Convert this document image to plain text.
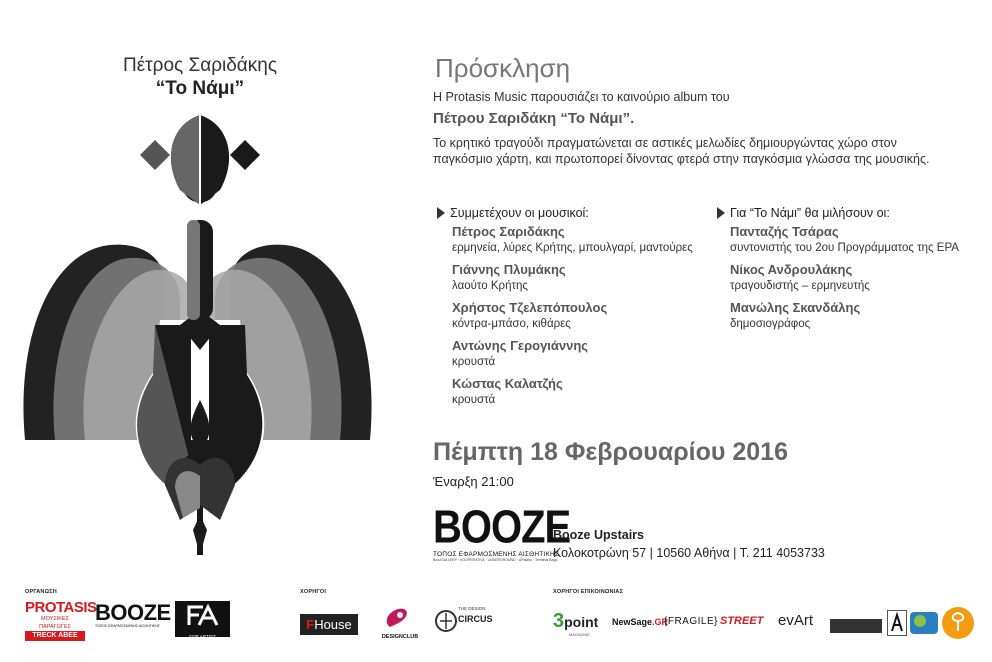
Πέτρος Σαριδάκης
“Το Νάμι”
Πρόσκληση
Η Protasis Music παρουσιάζει το καινούριο album του
Πέτρου Σαριδάκη “Το Νάμι”.
Το κρητικό τραγούδι πραγματώνεται σε αστικές μελωδίες δημιουργώντας χώρο στον
παγκόσμιο χάρτη, και πρωτοπορεί δίνοντας φτερά στην παγκόσμια γλώσσα της μουσικής.
Συμμετέχουν οι μουσικοί:	Για “Το Νάμι” θα μιλήσουν οι:
Πέτρος Σαριδάκης
ερμηνεία, λύρες Κρήτης, μπουλγαρί, μαντούρες
Γιάννης Πλυμάκης
λαούτο Κρήτης
Χρήστος Τζελεπόπουλος
κόντρα-μπάσο, κιθάρες
Αντώνης Γερογιάννης
κρουστά
Κώστας Καλατζής
κρουστά
Πανταζής Τσάρας
συντονιστής του 2ου Προγράμματος της ΕΡΑ
Νίκος Ανδρουλάκης
τραγουδιστής – ερμηνευτής
Μανώλης Σκανδάλης
δημοσιογράφος
Πέμπτη 18 Φεβρουαρίου 2016
Έναρξη 21:00
BOOZE
ΤΟΠΟΣ ΕΦΑΡΜΟΣΜΕΝΗΣ ΑΙΣΘΗΤΙΚΗΣ
BoozGALLERY · KOOPERATIVA · UNDERGROUND · UPstairs · Terminal Bags
Booze Upstairs
Κολοκοτρώνη 57 | 10560 Αθήνα | Τ. 211 4053733
ΟΡΓΑΝΩΣΗ	ΧΟΡΗΓΟΙ	ΧΟΡΗΓΟΙ ΕΠΙΚΟΙΝΩΝΙΑΣ
PROTASIS
ΜΟΥΣΙΚΕΣ ΠΑΡΑΓΩΓΕΣ
TRECK ABEE
BOOZE
ΤΟΠΟΣ ΕΦΑΡΜΟΣΜΕΝΗΣ ΑΙΣΘΗΤΙΚΗΣ
FOR ARTIST
FHouse
DESIGNCLUB
THE DESIGN
CIRCUS	3point
MAGAZINE
NewSage.GR
{FRAGILE} STREET evArt
